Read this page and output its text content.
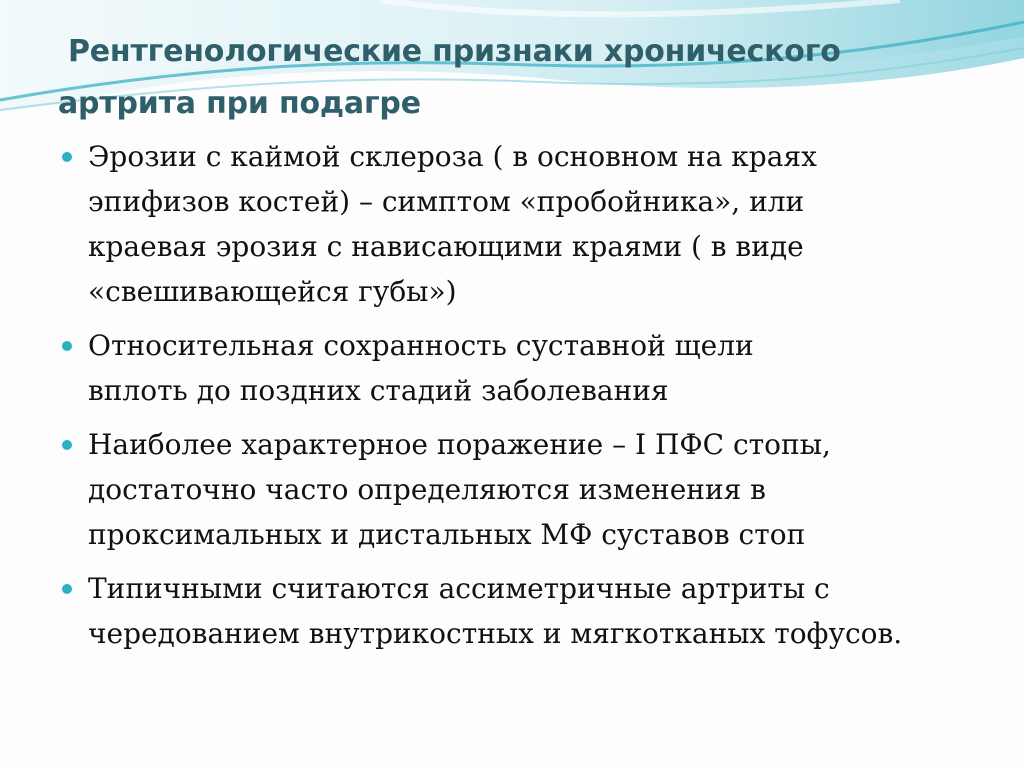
Рентгенологические признаки хронического
артрита при подагре
Эрозии с каймой склероза ( в основном на краях
эпифизов костей) – симптом «пробойника», или
краевая эрозия с нависающими краями ( в виде
«свешивающейся губы»)
Относительная сохранность суставной щели
вплоть до поздних стадий заболевания
Наиболее характерное поражение – I ПФС стопы,
достаточно часто определяются изменения в
проксимальных и дистальных МФ суставов стоп
Типичными считаются ассиметричные артриты с
чередованием внутрикостных и мягкотканых тофусов.
